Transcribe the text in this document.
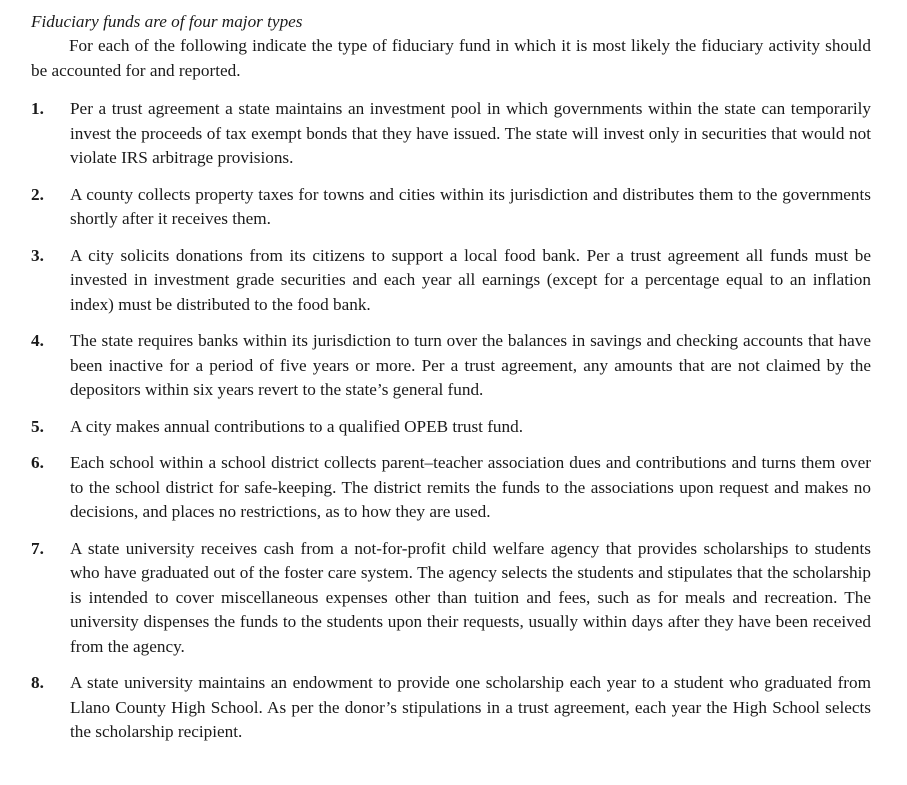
Fiduciary funds are of four major types

For each of the following indicate the type of fiduciary fund in which it is most likely the fiduciary activity should be accounted for and reported.

1.	Per a trust agreement a state maintains an investment pool in which governments within the state can temporarily invest the proceeds of tax exempt bonds that they have issued. The state will invest only in securities that would not violate IRS arbitrage provisions.
2.	A county collects property taxes for towns and cities within its jurisdiction and distributes them to the governments shortly after it receives them.
3.	A city solicits donations from its citizens to support a local food bank. Per a trust agreement all funds must be invested in investment grade securities and each year all earnings (except for a percentage equal to an inflation index) must be distributed to the food bank.
4.	The state requires banks within its jurisdiction to turn over the balances in savings and checking accounts that have been inactive for a period of five years or more. Per a trust agreement, any amounts that are not claimed by the depositors within six years revert to the state’s general fund.
5.	A city makes annual contributions to a qualified OPEB trust fund.
6.	Each school within a school district collects parent–teacher association dues and contributions and turns them over to the school district for safe-keeping. The district remits the funds to the associations upon request and makes no decisions, and places no restrictions, as to how they are used.
7.	A state university receives cash from a not-for-profit child welfare agency that provides scholarships to students who have graduated out of the foster care system. The agency selects the students and stipulates that the scholarship is intended to cover miscellaneous expenses other than tuition and fees, such as for meals and recreation. The university dispenses the funds to the students upon their requests, usually within days after they have been received from the agency.
8.	A state university maintains an endowment to provide one scholarship each year to a student who graduated from Llano County High School. As per the donor’s stipulations in a trust agreement, each year the High School selects the scholarship recipient.
